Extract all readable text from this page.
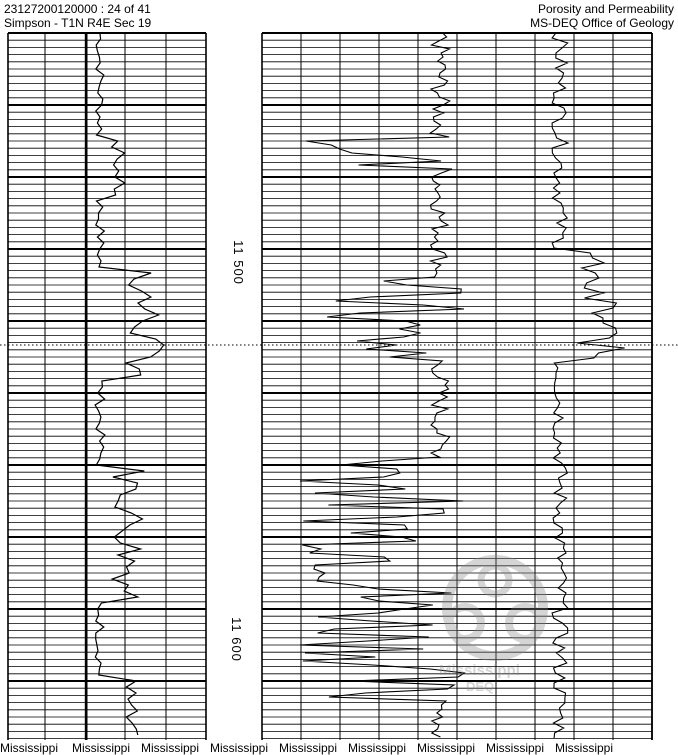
23127200120000 : 24 of 41
Simpson - T1N R4E Sec 19
Porosity and Permeability
MS-DEQ Office of Geology
11 500
11 600
Mississippi
DEQ
Mississippi Mississippi Mississippi Mississippi Mississippi Mississippi Mississippi Mississippi Mississippi
